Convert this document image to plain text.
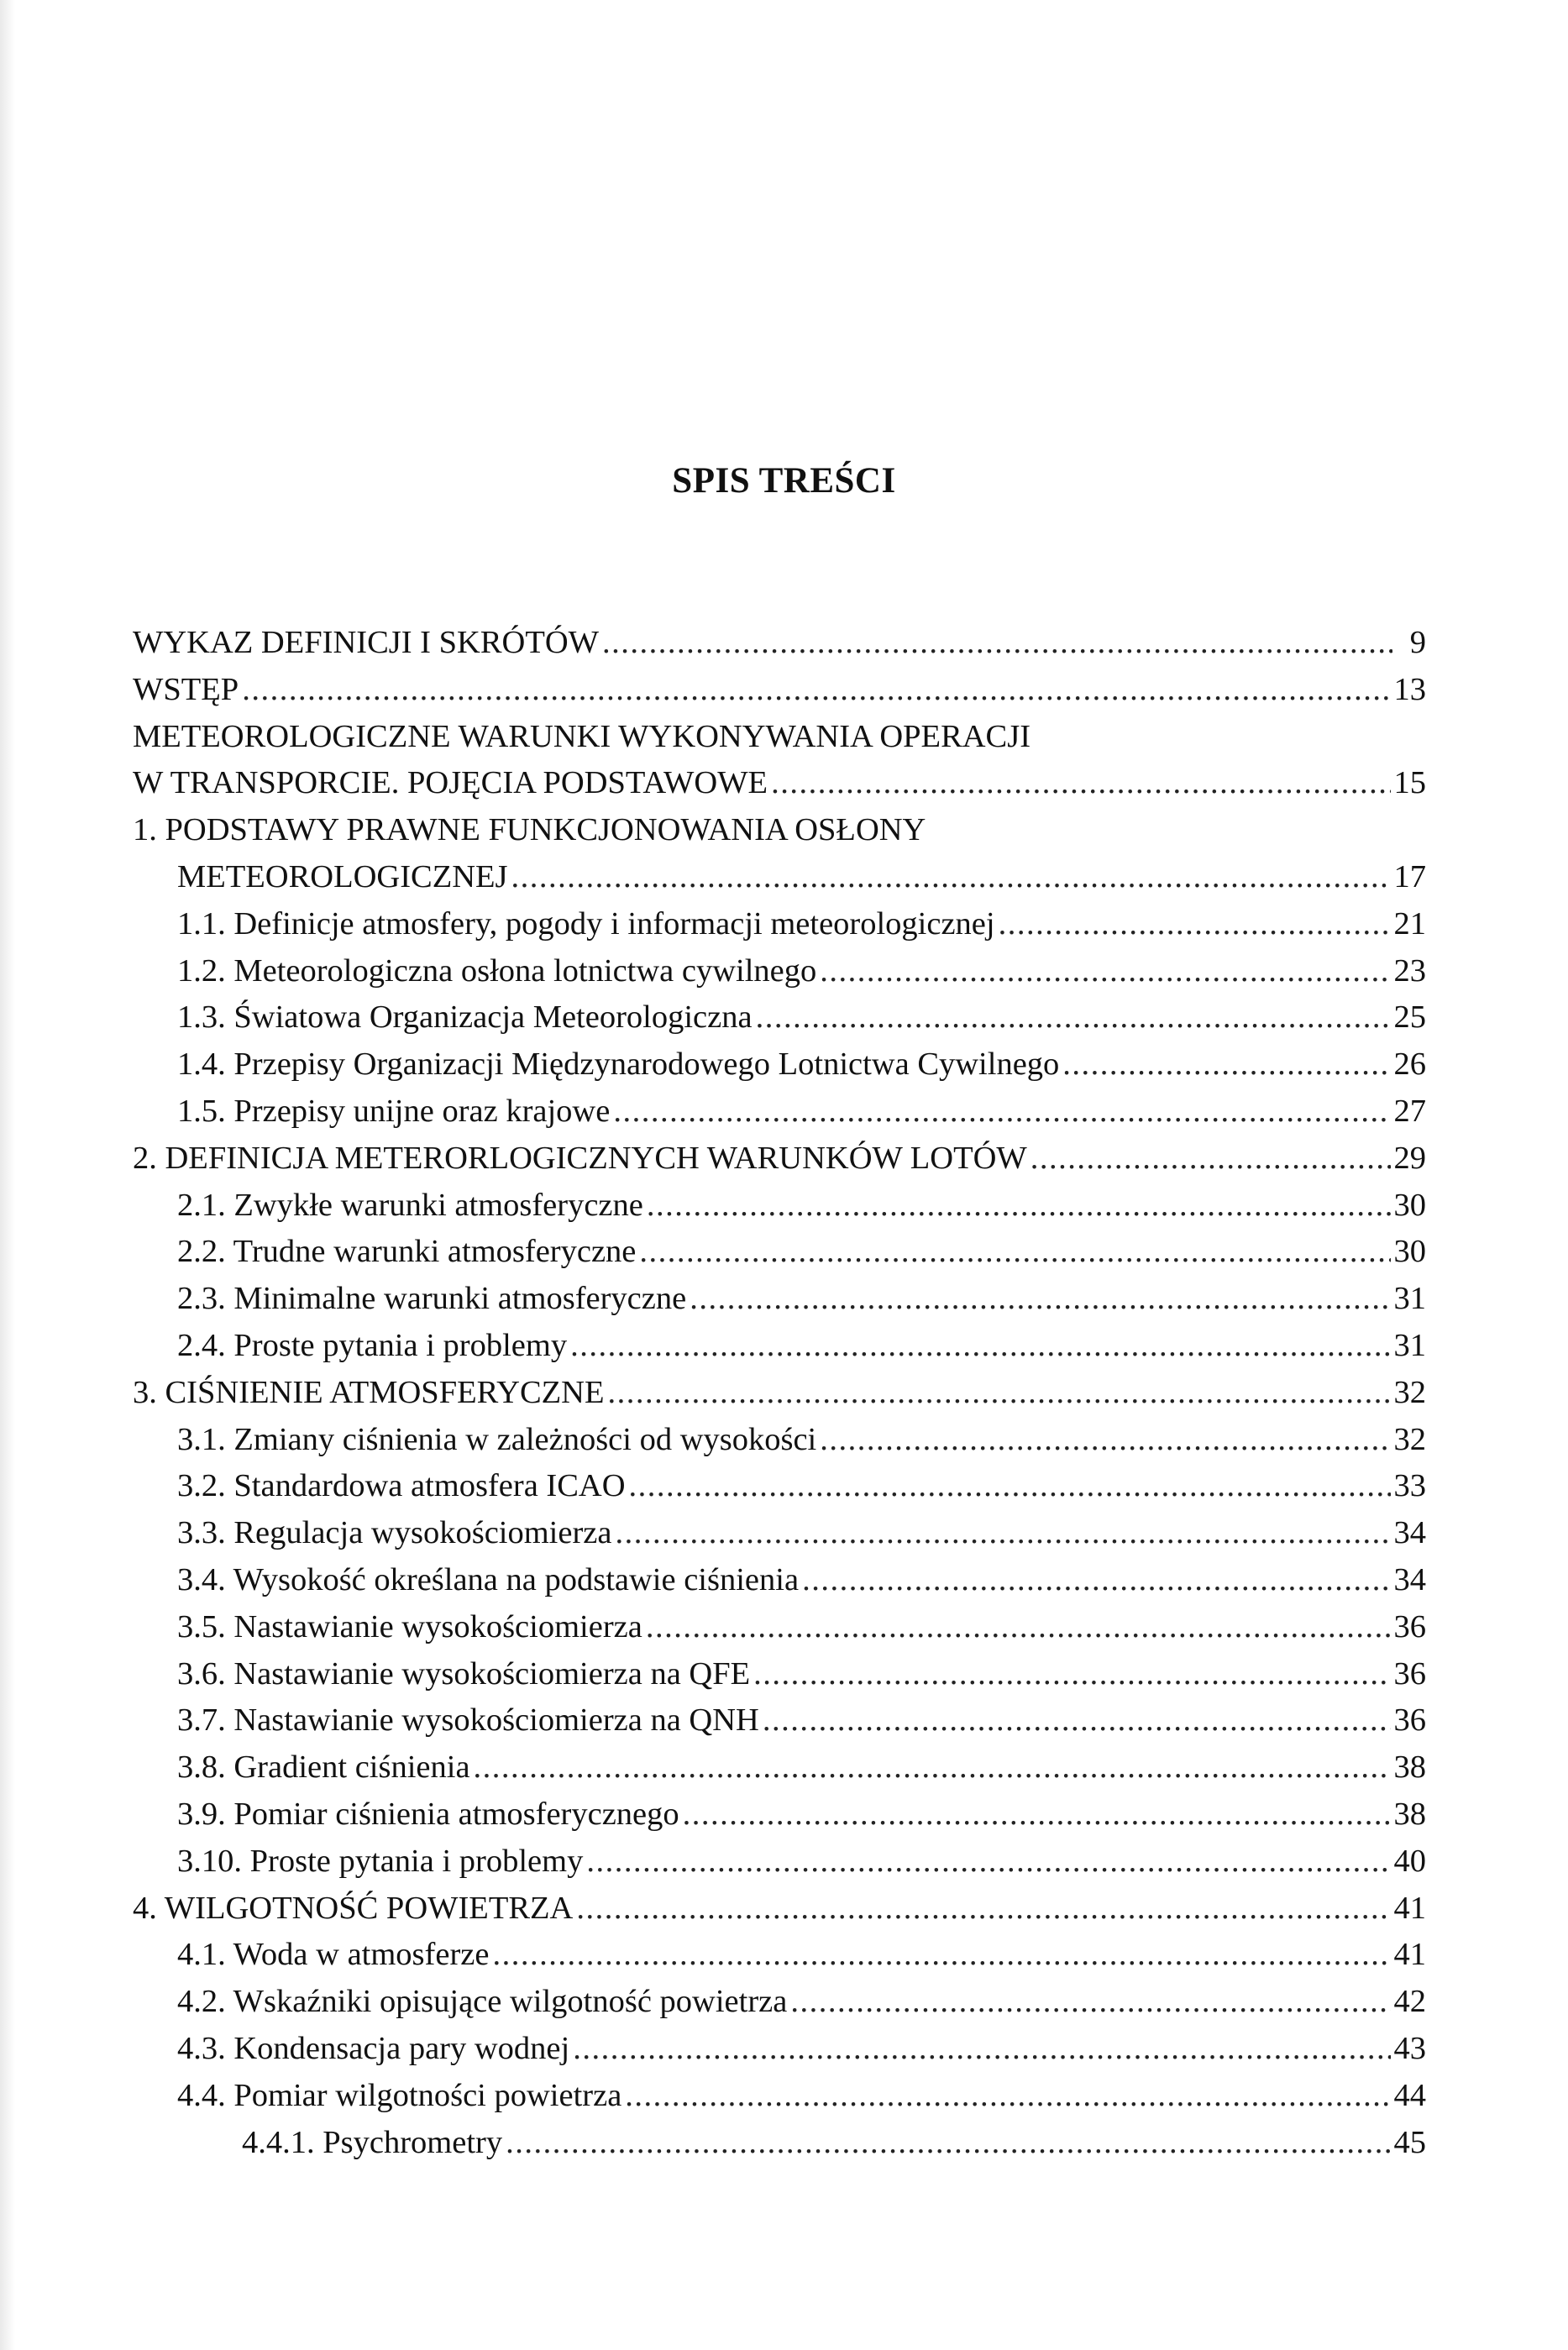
SPIS TREŚCI
WYKAZ DEFINICJI I SKRÓTÓW .....	9
WSTĘP .....	13
METEOROLOGICZNE WARUNKI WYKONYWANIA OPERACJI
W TRANSPORCIE. POJĘCIA PODSTAWOWE .....	15
1. PODSTAWY PRAWNE FUNKCJONOWANIA OSŁONY
METEOROLOGICZNEJ .....	17
1.1. Definicje atmosfery, pogody i informacji meteorologicznej .....	21
1.2. Meteorologiczna osłona lotnictwa cywilnego .....	23
1.3. Światowa Organizacja Meteorologiczna .....	25
1.4. Przepisy Organizacji Międzynarodowego Lotnictwa Cywilnego .....	26
1.5. Przepisy unijne oraz krajowe .....	27
2. DEFINICJA METERORLOGICZNYCH WARUNKÓW LOTÓW .....	29
2.1. Zwykłe warunki atmosferyczne .....	30
2.2. Trudne warunki atmosferyczne .....	30
2.3. Minimalne warunki atmosferyczne .....	31
2.4. Proste pytania i problemy .....	31
3. CIŚNIENIE ATMOSFERYCZNE .....	32
3.1. Zmiany ciśnienia w zależności od wysokości .....	32
3.2. Standardowa atmosfera ICAO .....	33
3.3. Regulacja wysokościomierza .....	34
3.4. Wysokość określana na podstawie ciśnienia .....	34
3.5. Nastawianie wysokościomierza .....	36
3.6. Nastawianie wysokościomierza na QFE .....	36
3.7. Nastawianie wysokościomierza na QNH .....	36
3.8. Gradient ciśnienia .....	38
3.9. Pomiar ciśnienia atmosferycznego .....	38
3.10. Proste pytania i problemy .....	40
4. WILGOTNOŚĆ POWIETRZA .....	41
4.1. Woda w atmosferze .....	41
4.2. Wskaźniki opisujące wilgotność powietrza .....	42
4.3. Kondensacja pary wodnej .....	43
4.4. Pomiar wilgotności powietrza .....	44
4.4.1. Psychrometry .....	45
